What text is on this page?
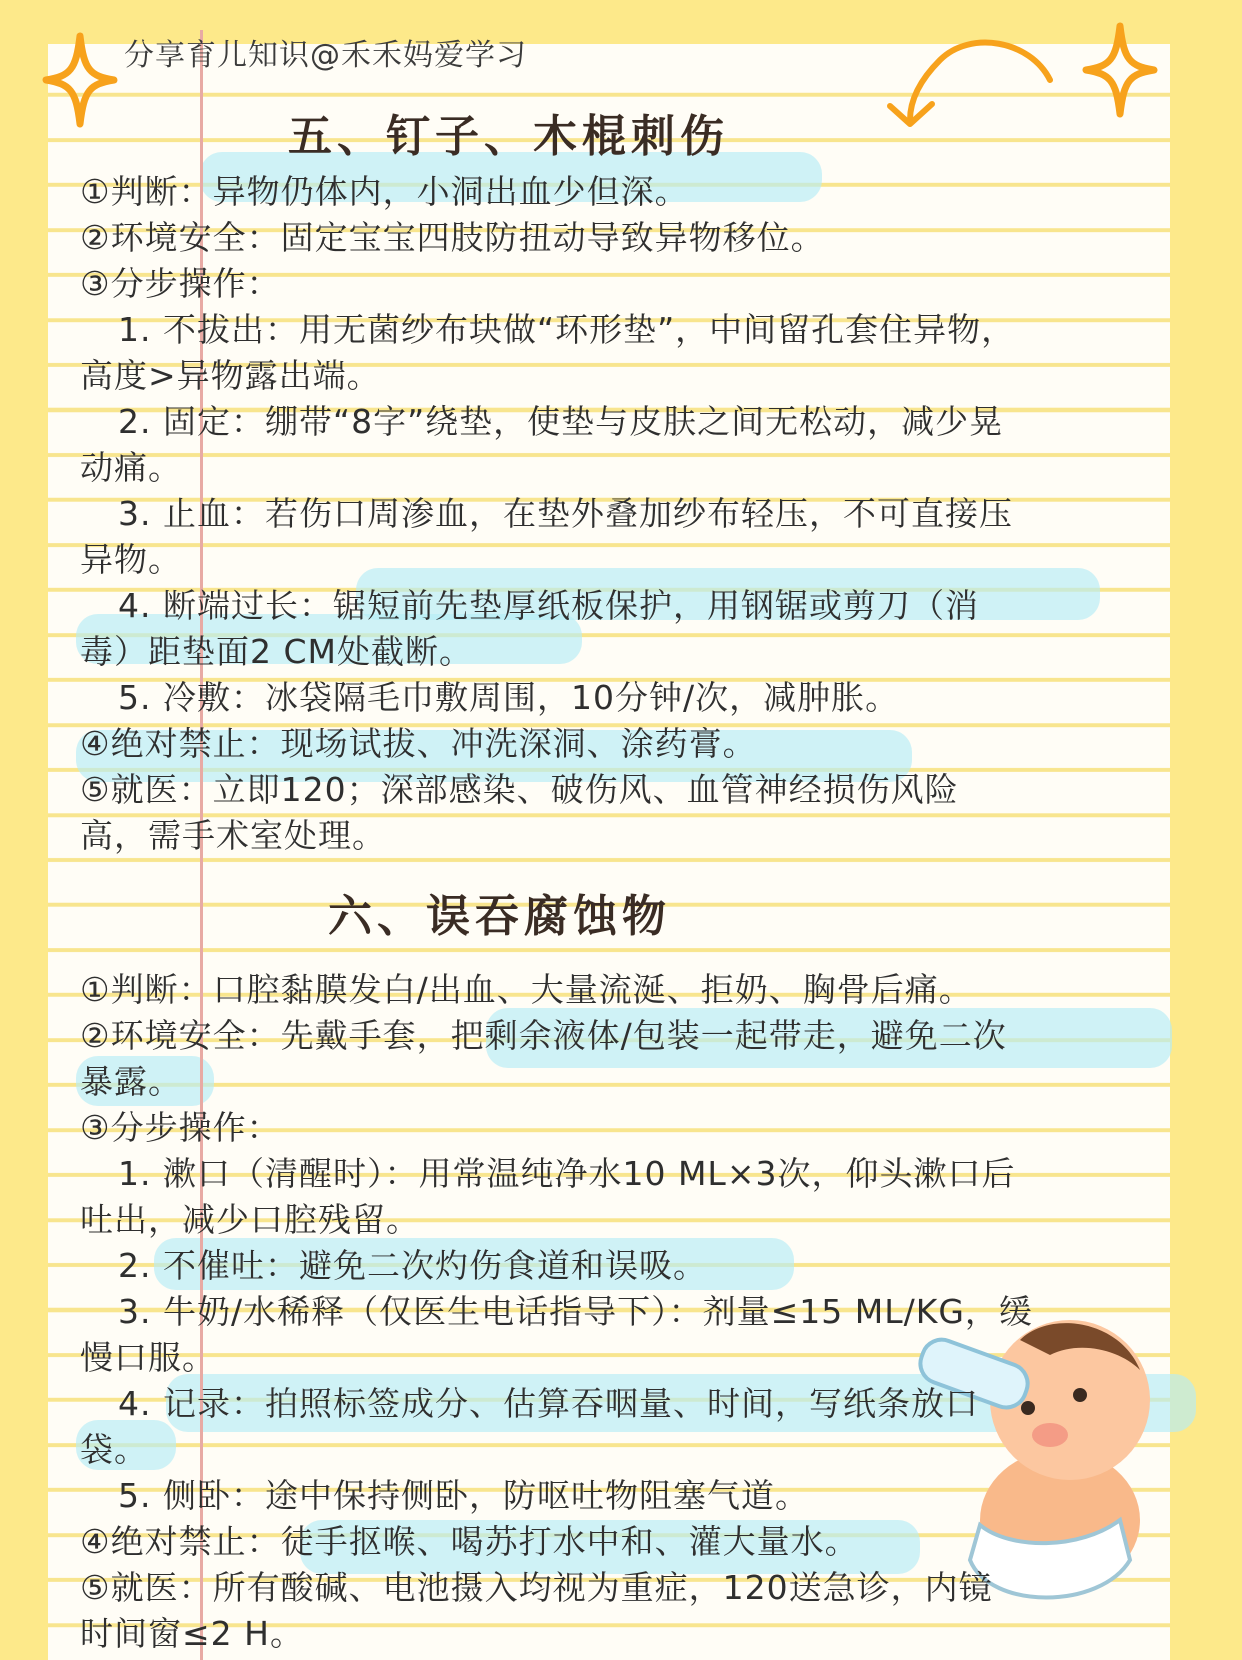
分享育儿知识@禾禾妈爱学习
五、钉子、木棍刺伤
①判断：异物仍体内，小洞出血少但深。
②环境安全：固定宝宝四肢防扭动导致异物移位。
③分步操作：
1. 不拔出：用无菌纱布块做“环形垫”，中间留孔套住异物，
高度>异物露出端。
2. 固定：绷带“8字”绕垫，使垫与皮肤之间无松动，减少晃
动痛。
3. 止血：若伤口周渗血，在垫外叠加纱布轻压，不可直接压
异物。
4. 断端过长：锯短前先垫厚纸板保护，用钢锯或剪刀（消
毒）距垫面2 CM处截断。
5. 冷敷：冰袋隔毛巾敷周围，10分钟/次，减肿胀。
④绝对禁止：现场试拔、冲洗深洞、涂药膏。
⑤就医：立即120；深部感染、破伤风、血管神经损伤风险
高，需手术室处理。
六、误吞腐蚀物
①判断：口腔黏膜发白/出血、大量流涎、拒奶、胸骨后痛。
②环境安全：先戴手套，把剩余液体/包装一起带走，避免二次
暴露。
③分步操作：
1. 漱口（清醒时）：用常温纯净水10 ML×3次，仰头漱口后
吐出，减少口腔残留。
2. 不催吐：避免二次灼伤食道和误吸。
3. 牛奶/水稀释（仅医生电话指导下）：剂量≤15 ML/KG，缓
慢口服。
4. 记录：拍照标签成分、估算吞咽量、时间，写纸条放口
袋。
5. 侧卧：途中保持侧卧，防呕吐物阻塞气道。
④绝对禁止：徒手抠喉、喝苏打水中和、灌大量水。
⑤就医：所有酸碱、电池摄入均视为重症，120送急诊，内镜
时间窗≤2 H。
